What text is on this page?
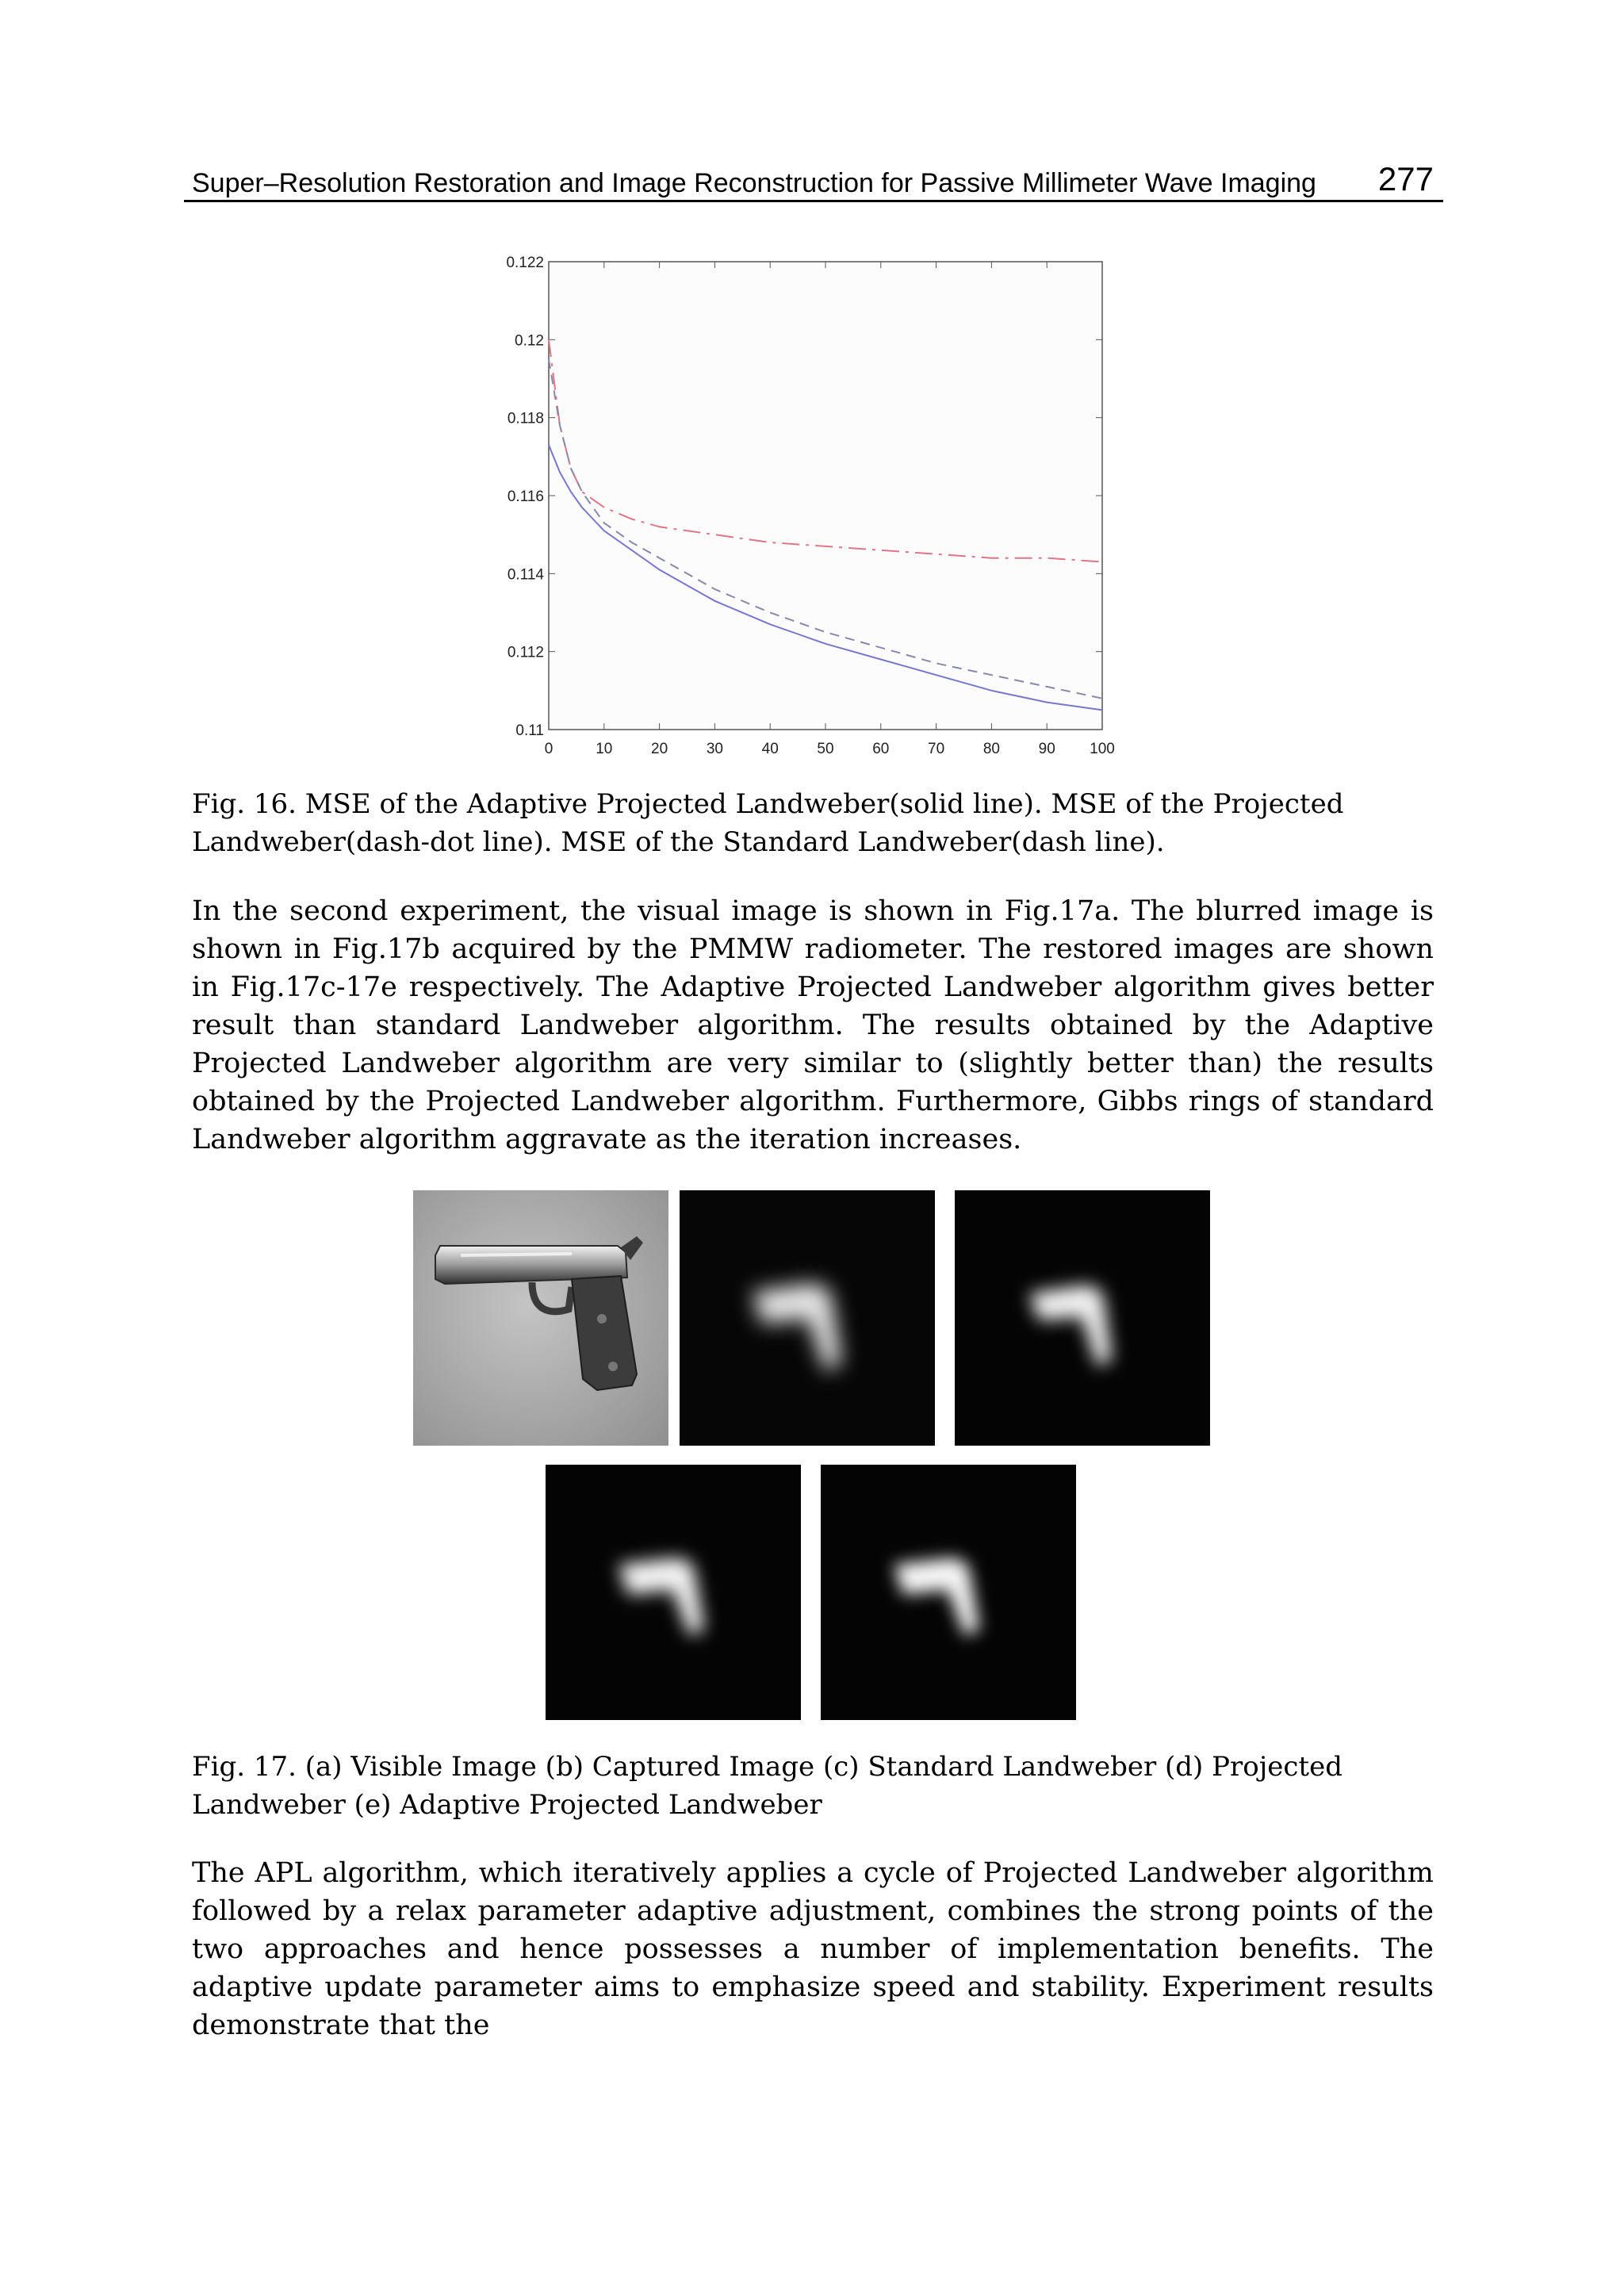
Super–Resolution Restoration and Image Reconstruction for Passive Millimeter Wave Imaging 277
0	10	20	30	40	50	60	70	80	90 100
0.11
0.112
0.114
0.116
0.118
0.12
0.122
Fig. 16. MSE of the Adaptive Projected Landweber(solid line). MSE of the Projected Landweber(dash-dot line). MSE of the Standard Landweber(dash line).
In the second experiment, the visual image is shown in Fig.17a. The blurred image is shown in Fig.17b acquired by the PMMW radiometer. The restored images are shown in Fig.17c-17e respectively. The Adaptive Projected Landweber algorithm gives better result than standard Landweber algorithm. The results obtained by the Adaptive Projected Landweber algorithm are very similar to (slightly better than) the results obtained by the Projected Landweber algorithm. Furthermore, Gibbs rings of standard Landweber algorithm aggravate as the iteration increases.
Fig. 17. (a) Visible Image (b) Captured Image (c) Standard Landweber (d) Projected Landweber (e) Adaptive Projected Landweber
The APL algorithm, which iteratively applies a cycle of Projected Landweber algorithm followed by a relax parameter adaptive adjustment, combines the strong points of the two approaches and hence possesses a number of implementation benefits. The adaptive update parameter aims to emphasize speed and stability. Experiment results demonstrate that the
